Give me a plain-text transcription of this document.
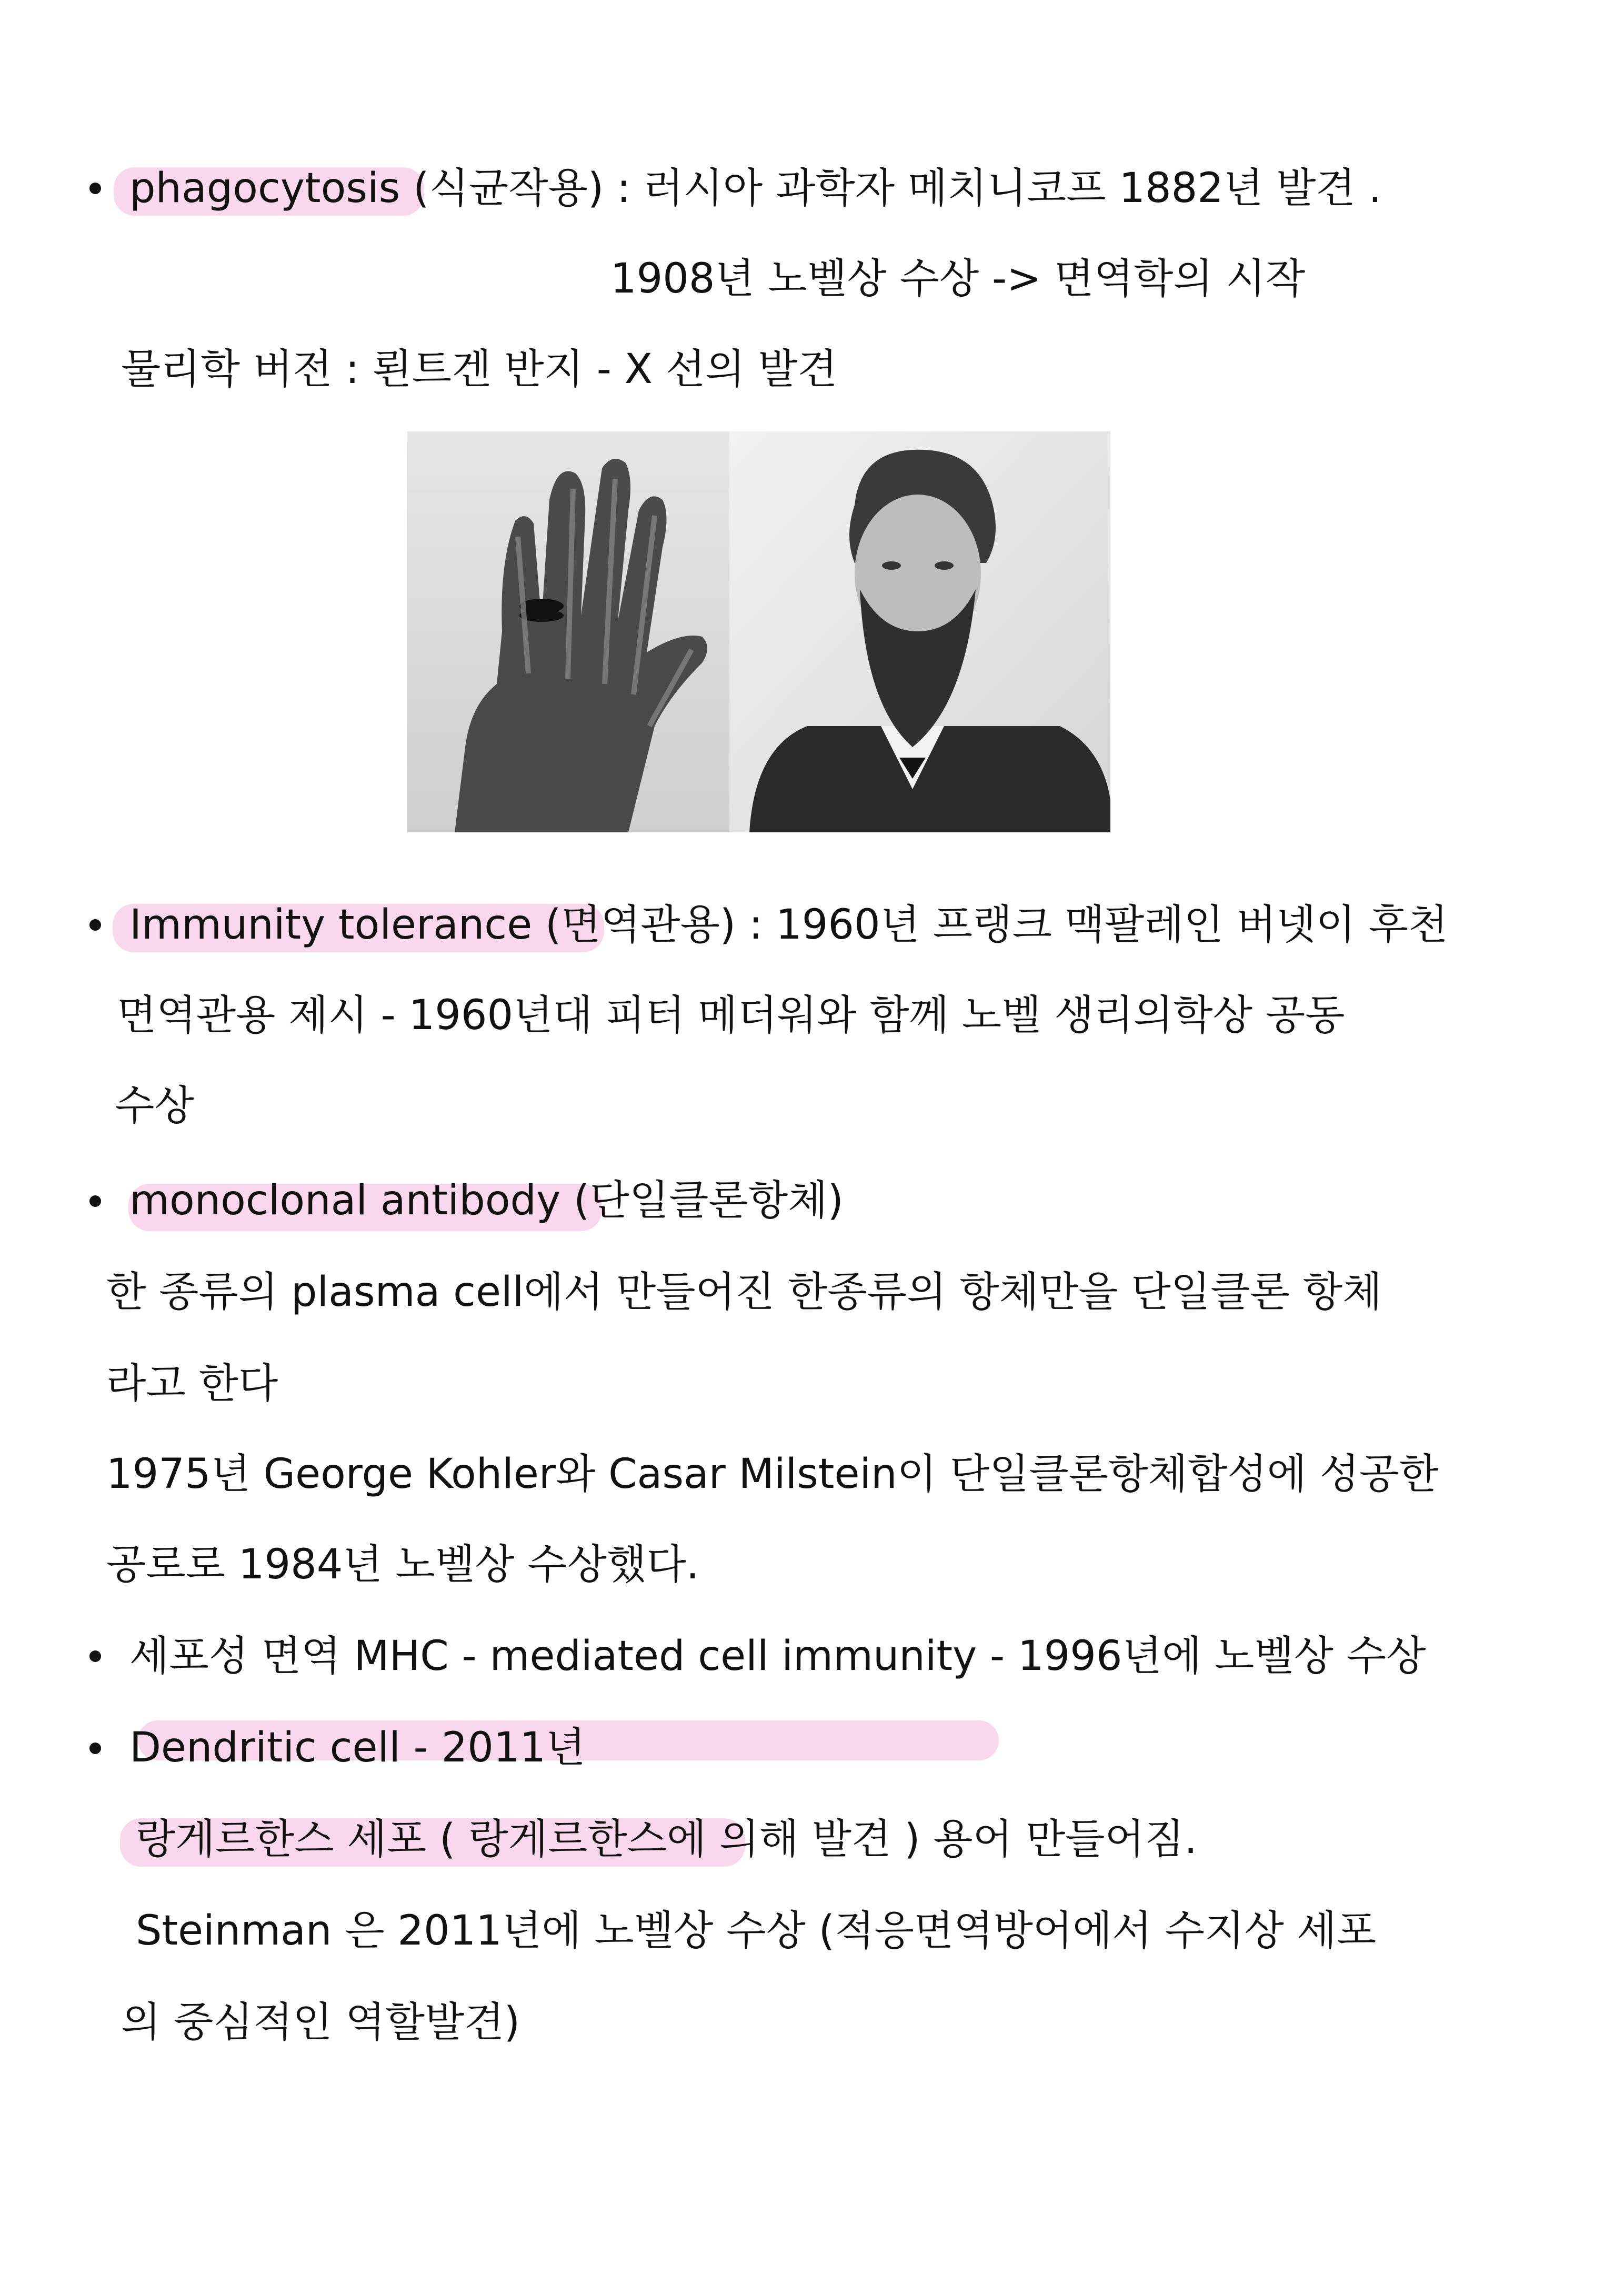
phagocytosis (식균작용) : 러시아 과학자 메치니코프 1882년 발견 .
1908년 노벨상 수상 -> 면역학의 시작
물리학 버전 : 뢴트겐 반지 - X 선의 발견
Immunity tolerance (면역관용) : 1960년 프랭크 맥팔레인 버넷이 후천
면역관용 제시 - 1960년대 피터 메더워와 함께 노벨 생리의학상 공동
수상
monoclonal antibody (단일클론항체)
한 종류의 plasma cell에서 만들어진 한종류의 항체만을 단일클론 항체
라고 한다
1975년 George Kohler와 Casar Milstein이 단일클론항체합성에 성공한
공로로 1984년 노벨상 수상했다.
세포성 면역 MHC - mediated cell immunity - 1996년에 노벨상 수상
Dendritic cell - 2011년
랑게르한스 세포 ( 랑게르한스에 의해 발견 ) 용어 만들어짐.
Steinman 은 2011년에 노벨상 수상 (적응면역방어에서 수지상 세포
의 중심적인 역할발견)
